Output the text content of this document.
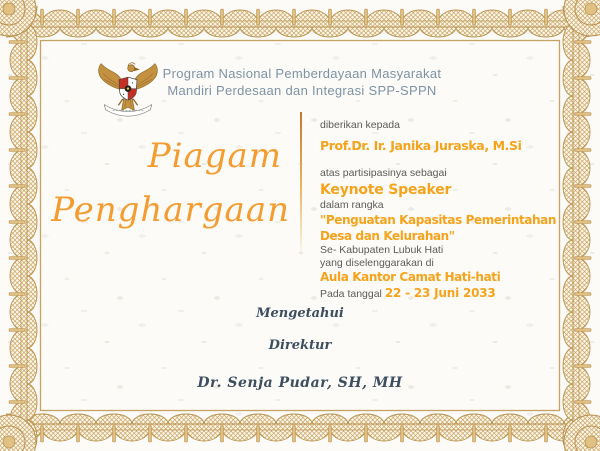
Program Nasional Pemberdayaan Masyarakat
Mandiri Perdesaan dan Integrasi SPP-SPPN
Piagam
Penghargaan
diberikan kepada
Prof.Dr. Ir. Janika Juraska, M.Si
atas partisipasinya sebagai
Keynote Speaker
dalam rangka
"Penguatan Kapasitas Pemerintahan
Desa dan Kelurahan"
Se- Kabupaten Lubuk Hati
yang diselenggarakan di
Aula Kantor Camat Hati-hati
Pada tanggal 22 - 23 Juni 2033
Mengetahui
Direktur
Dr. Senja Pudar, SH, MH
